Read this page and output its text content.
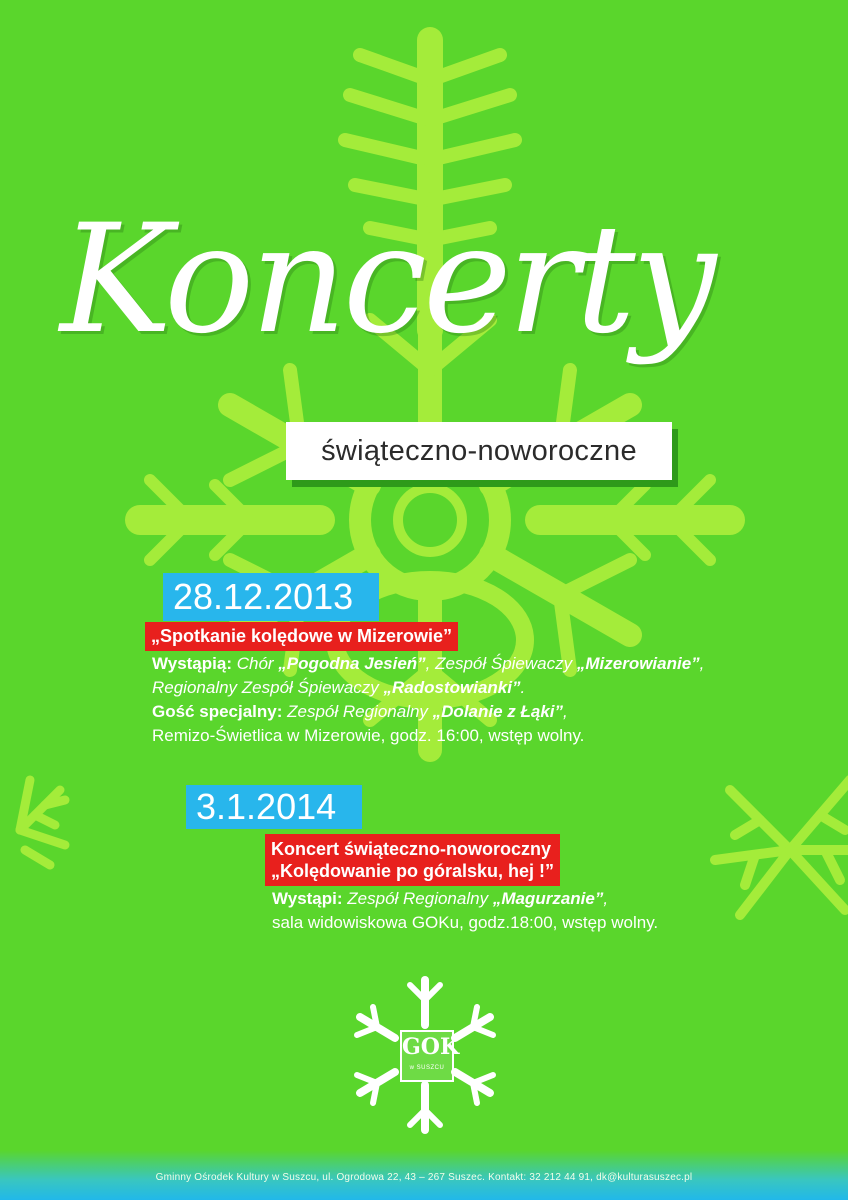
Koncerty
świąteczno-noworoczne
28.12.2013
„Spotkanie kolędowe w Mizerowie”
Wystąpią: Chór „Pogodna Jesień”, Zespół Śpiewaczy „Mizerowianie”,
Regionalny Zespół Śpiewaczy „Radostowianki”.
Gość specjalny: Zespół Regionalny „Dolanie z Łąki”,
Remizo-Świetlica w Mizerowie, godz. 16:00, wstęp wolny.
3.1.2014
Koncert świąteczno-noworoczny
„Kolędowanie po góralsku, hej !”
Wystąpi: Zespół Regionalny „Magurzanie”,
sala widowiskowa GOKu, godz.18:00, wstęp wolny.
GOK
w SUSZCU
Gminny Ośrodek Kultury w Suszcu, ul. Ogrodowa 22, 43 – 267 Suszec. Kontakt: 32 212 44 91, dk@kulturasuszec.pl
